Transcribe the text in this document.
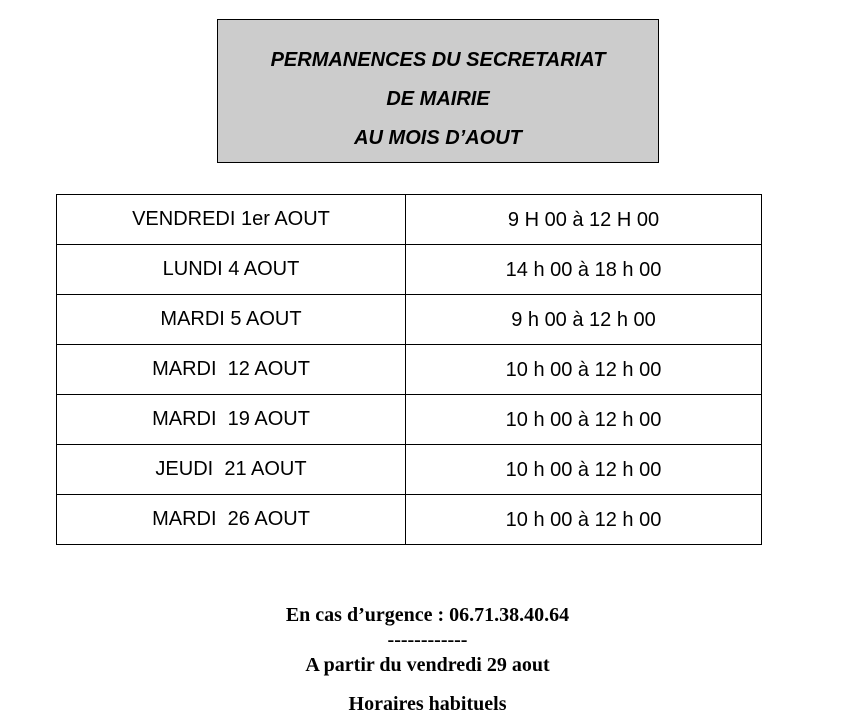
PERMANENCES DU SECRETARIAT
DE MAIRIE
AU MOIS D’AOUT
VENDREDI 1er AOUT	9 H 00 à 12 H 00
LUNDI 4 AOUT	14 h 00 à 18 h 00
MARDI 5 AOUT	9 h 00 à 12 h 00
MARDI  12 AOUT	10 h 00 à 12 h 00
MARDI  19 AOUT	10 h 00 à 12 h 00
JEUDI  21 AOUT	10 h 00 à 12 h 00
MARDI  26 AOUT	10 h 00 à 12 h 00
En cas d’urgence : 06.71.38.40.64
------------
A partir du vendredi 29 aout
Horaires habituels
